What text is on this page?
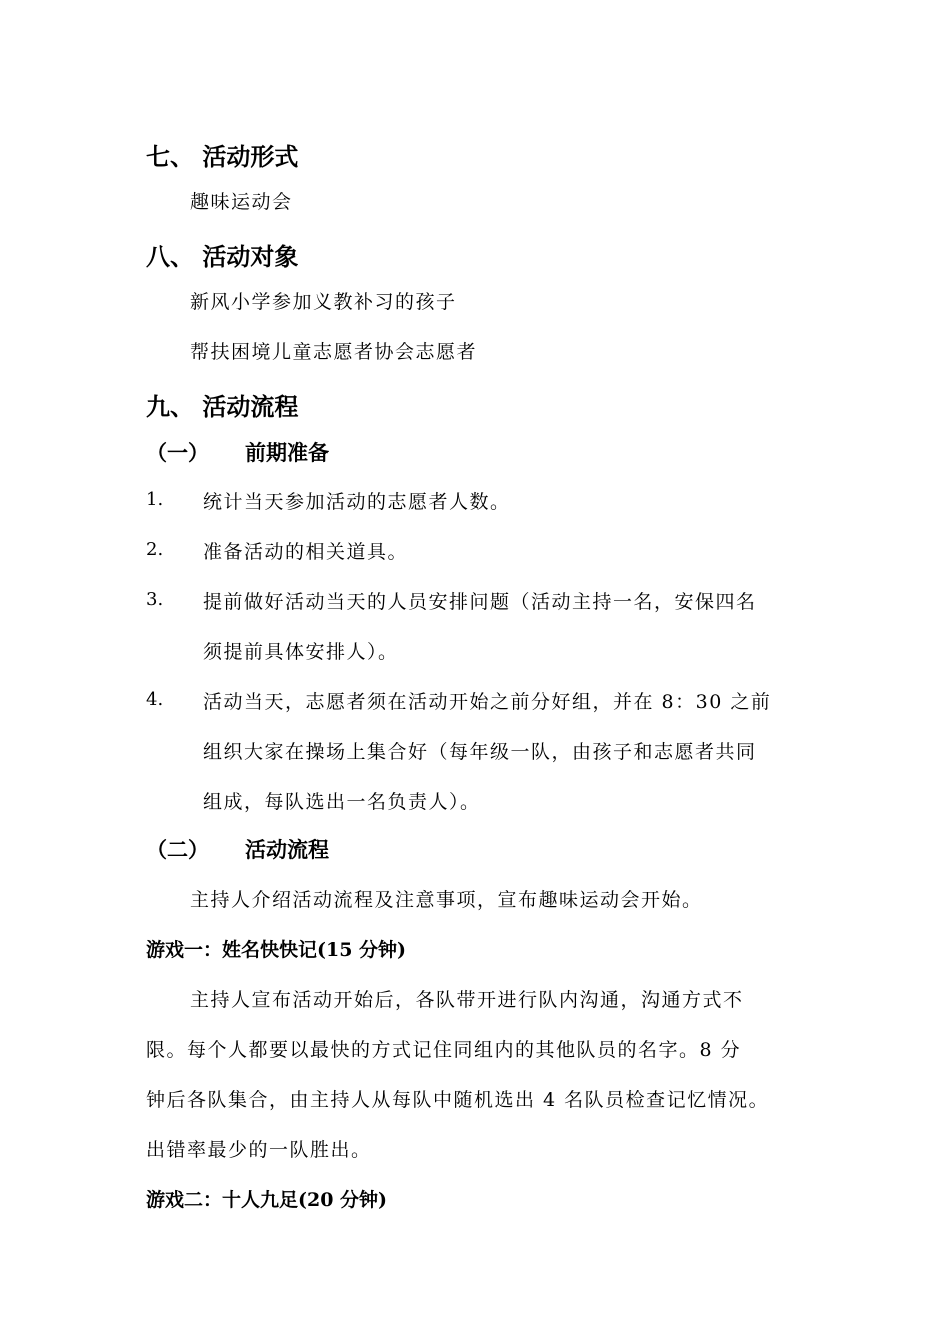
七、 活动形式

趣味运动会

八、 活动对象

新风小学参加义教补习的孩子

帮扶困境儿童志愿者协会志愿者

九、 活动流程
（一） 前期准备
1. 统计当天参加活动的志愿者人数。
2. 准备活动的相关道具。
3. 提前做好活动当天的人员安排问题（活动主持一名，安保四名
须提前具体安排人）。
4. 活动当天，志愿者须在活动开始之前分好组，并在 8：30 之前
组织大家在操场上集合好（每年级一队，由孩子和志愿者共同
组成，每队选出一名负责人）。
（二） 活动流程

主持人介绍活动流程及注意事项，宣布趣味运动会开始。

游戏一：姓名快快记(15 分钟)

主持人宣布活动开始后，各队带开进行队内沟通，沟通方式不

限。每个人都要以最快的方式记住同组内的其他队员的名字。8 分

钟后各队集合，由主持人从每队中随机选出 4 名队员检查记忆情况。

出错率最少的一队胜出。

游戏二：十人九足(20 分钟)
